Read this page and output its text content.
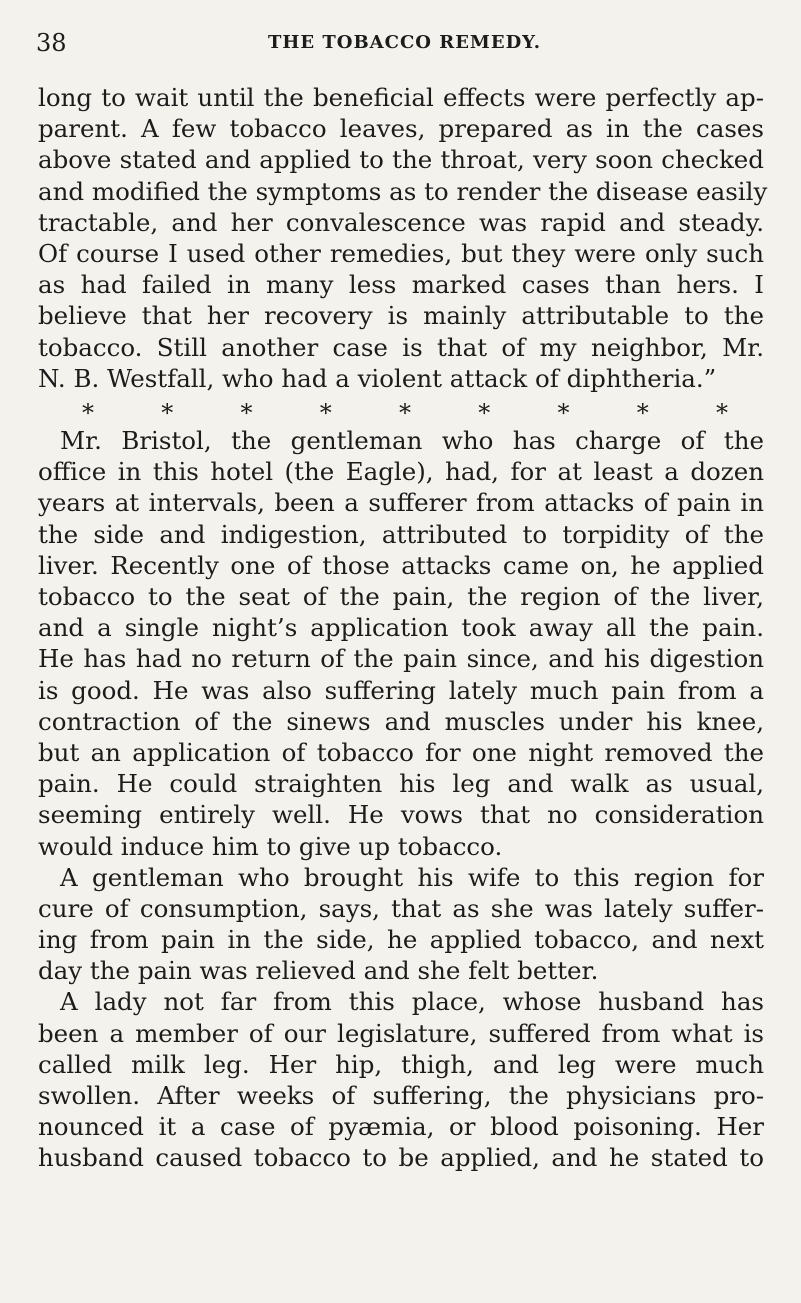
38	THE TOBACCO REMEDY.
long to wait until the beneficial effects were perfectly ap-
parent. A few tobacco leaves, prepared as in the cases
above stated and applied to the throat, very soon checked
and modified the symptoms as to render the disease easily
tractable, and her convalescence was rapid and steady.
Of course I used other remedies, but they were only such
as had failed in many less marked cases than hers. I
believe that her recovery is mainly attributable to the
tobacco. Still another case is that of my neighbor, Mr.
N. B. Westfall, who had a violent attack of diphtheria.”
*	*	*	*	*	*	*	*	*
Mr. Bristol, the gentleman who has charge of the
office in this hotel (the Eagle), had, for at least a dozen
years at intervals, been a sufferer from attacks of pain in
the side and indigestion, attributed to torpidity of the
liver. Recently one of those attacks came on, he applied
tobacco to the seat of the pain, the region of the liver,
and a single night’s application took away all the pain.
He has had no return of the pain since, and his digestion
is good. He was also suffering lately much pain from a
contraction of the sinews and muscles under his knee,
but an application of tobacco for one night removed the
pain. He could straighten his leg and walk as usual,
seeming entirely well. He vows that no consideration
would induce him to give up tobacco.
A gentleman who brought his wife to this region for
cure of consumption, says, that as she was lately suffer-
ing from pain in the side, he applied tobacco, and next
day the pain was relieved and she felt better.
A lady not far from this place, whose husband has
been a member of our legislature, suffered from what is
called milk leg. Her hip, thigh, and leg were much
swollen. After weeks of suffering, the physicians pro-
nounced it a case of pyæmia, or blood poisoning. Her
husband caused tobacco to be applied, and he stated to
